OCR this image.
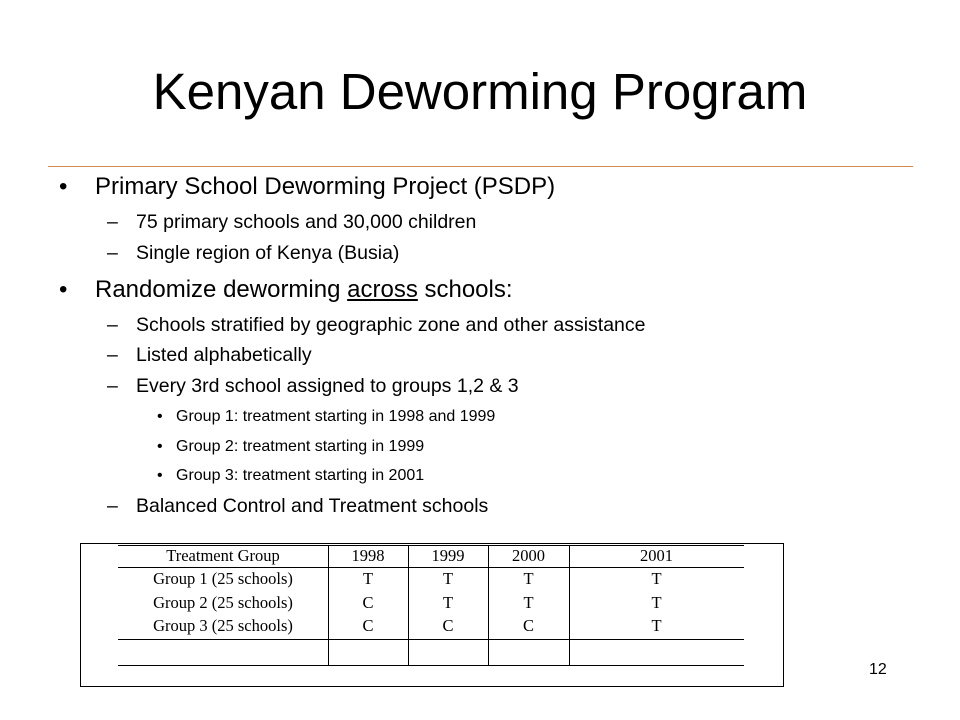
Kenyan Deworming Program
• Primary School Deworming Project (PSDP)
– 75 primary schools and 30,000 children
– Single region of Kenya (Busia)
• Randomize deworming across schools:
– Schools stratified by geographic zone and other assistance
– Listed alphabetically
– Every 3rd school assigned to groups 1,2 & 3
• Group 1: treatment starting in 1998 and 1999
• Group 2: treatment starting in 1999
• Group 3: treatment starting in 2001
– Balanced Control and Treatment schools
Treatment Group	1998	1999	2000	2001
Group 1 (25 schools)	T	T	T	T
Group 2 (25 schools)	C	T	T	T
Group 3 (25 schools)	C	C	C	T
12
